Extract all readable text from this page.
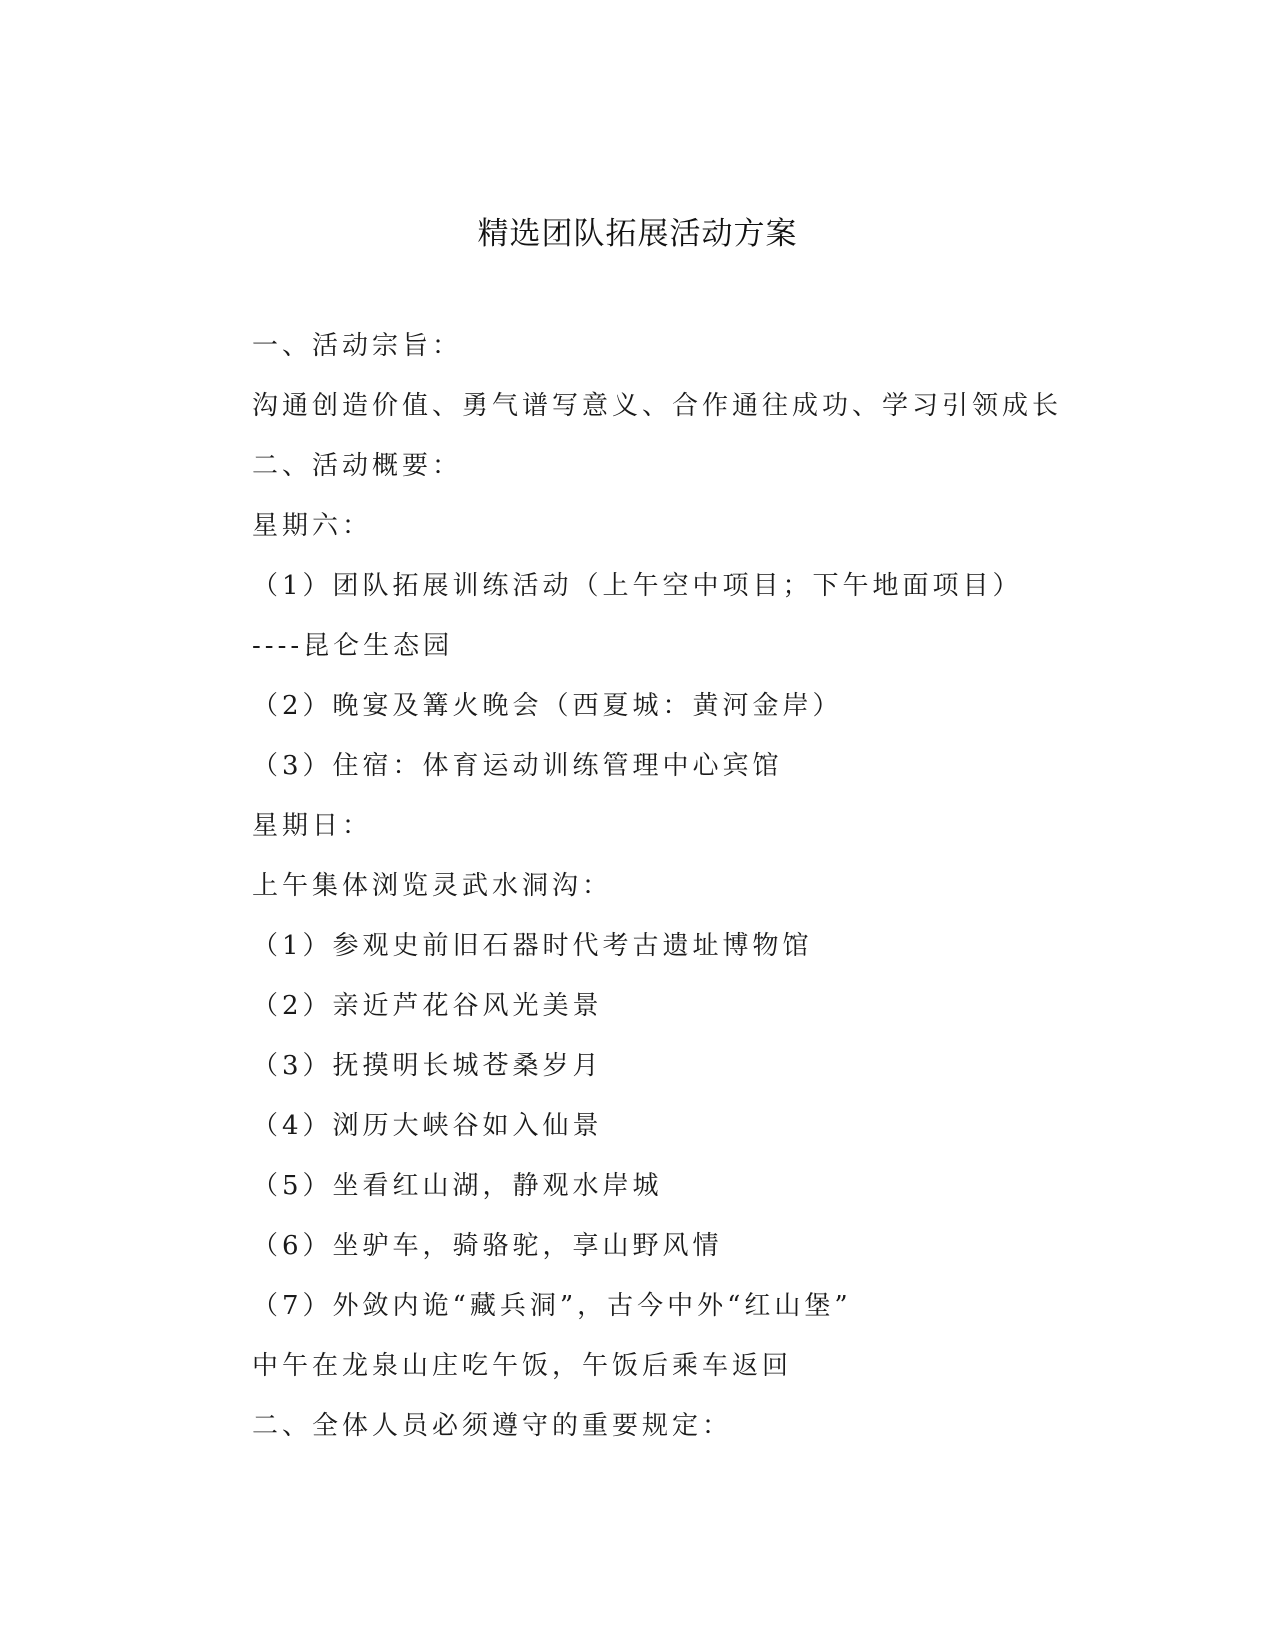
精选团队拓展活动方案
一、活动宗旨：
沟通创造价值、勇气谱写意义、合作通往成功、学习引领成长
二、活动概要：
星期六：
（1）团队拓展训练活动（上午空中项目；下午地面项目）
----昆仑生态园
（2）晚宴及篝火晚会（西夏城：黄河金岸）
（3）住宿：体育运动训练管理中心宾馆
星期日：
上午集体浏览灵武水洞沟：
（1）参观史前旧石器时代考古遗址博物馆
（2）亲近芦花谷风光美景
（3）抚摸明长城苍桑岁月
（4）浏历大峡谷如入仙景
（5）坐看红山湖，静观水岸城
（6）坐驴车，骑骆驼，享山野风情
（7）外敛内诡“藏兵洞”，古今中外“红山堡”
中午在龙泉山庄吃午饭，午饭后乘车返回
二、全体人员必须遵守的重要规定：
